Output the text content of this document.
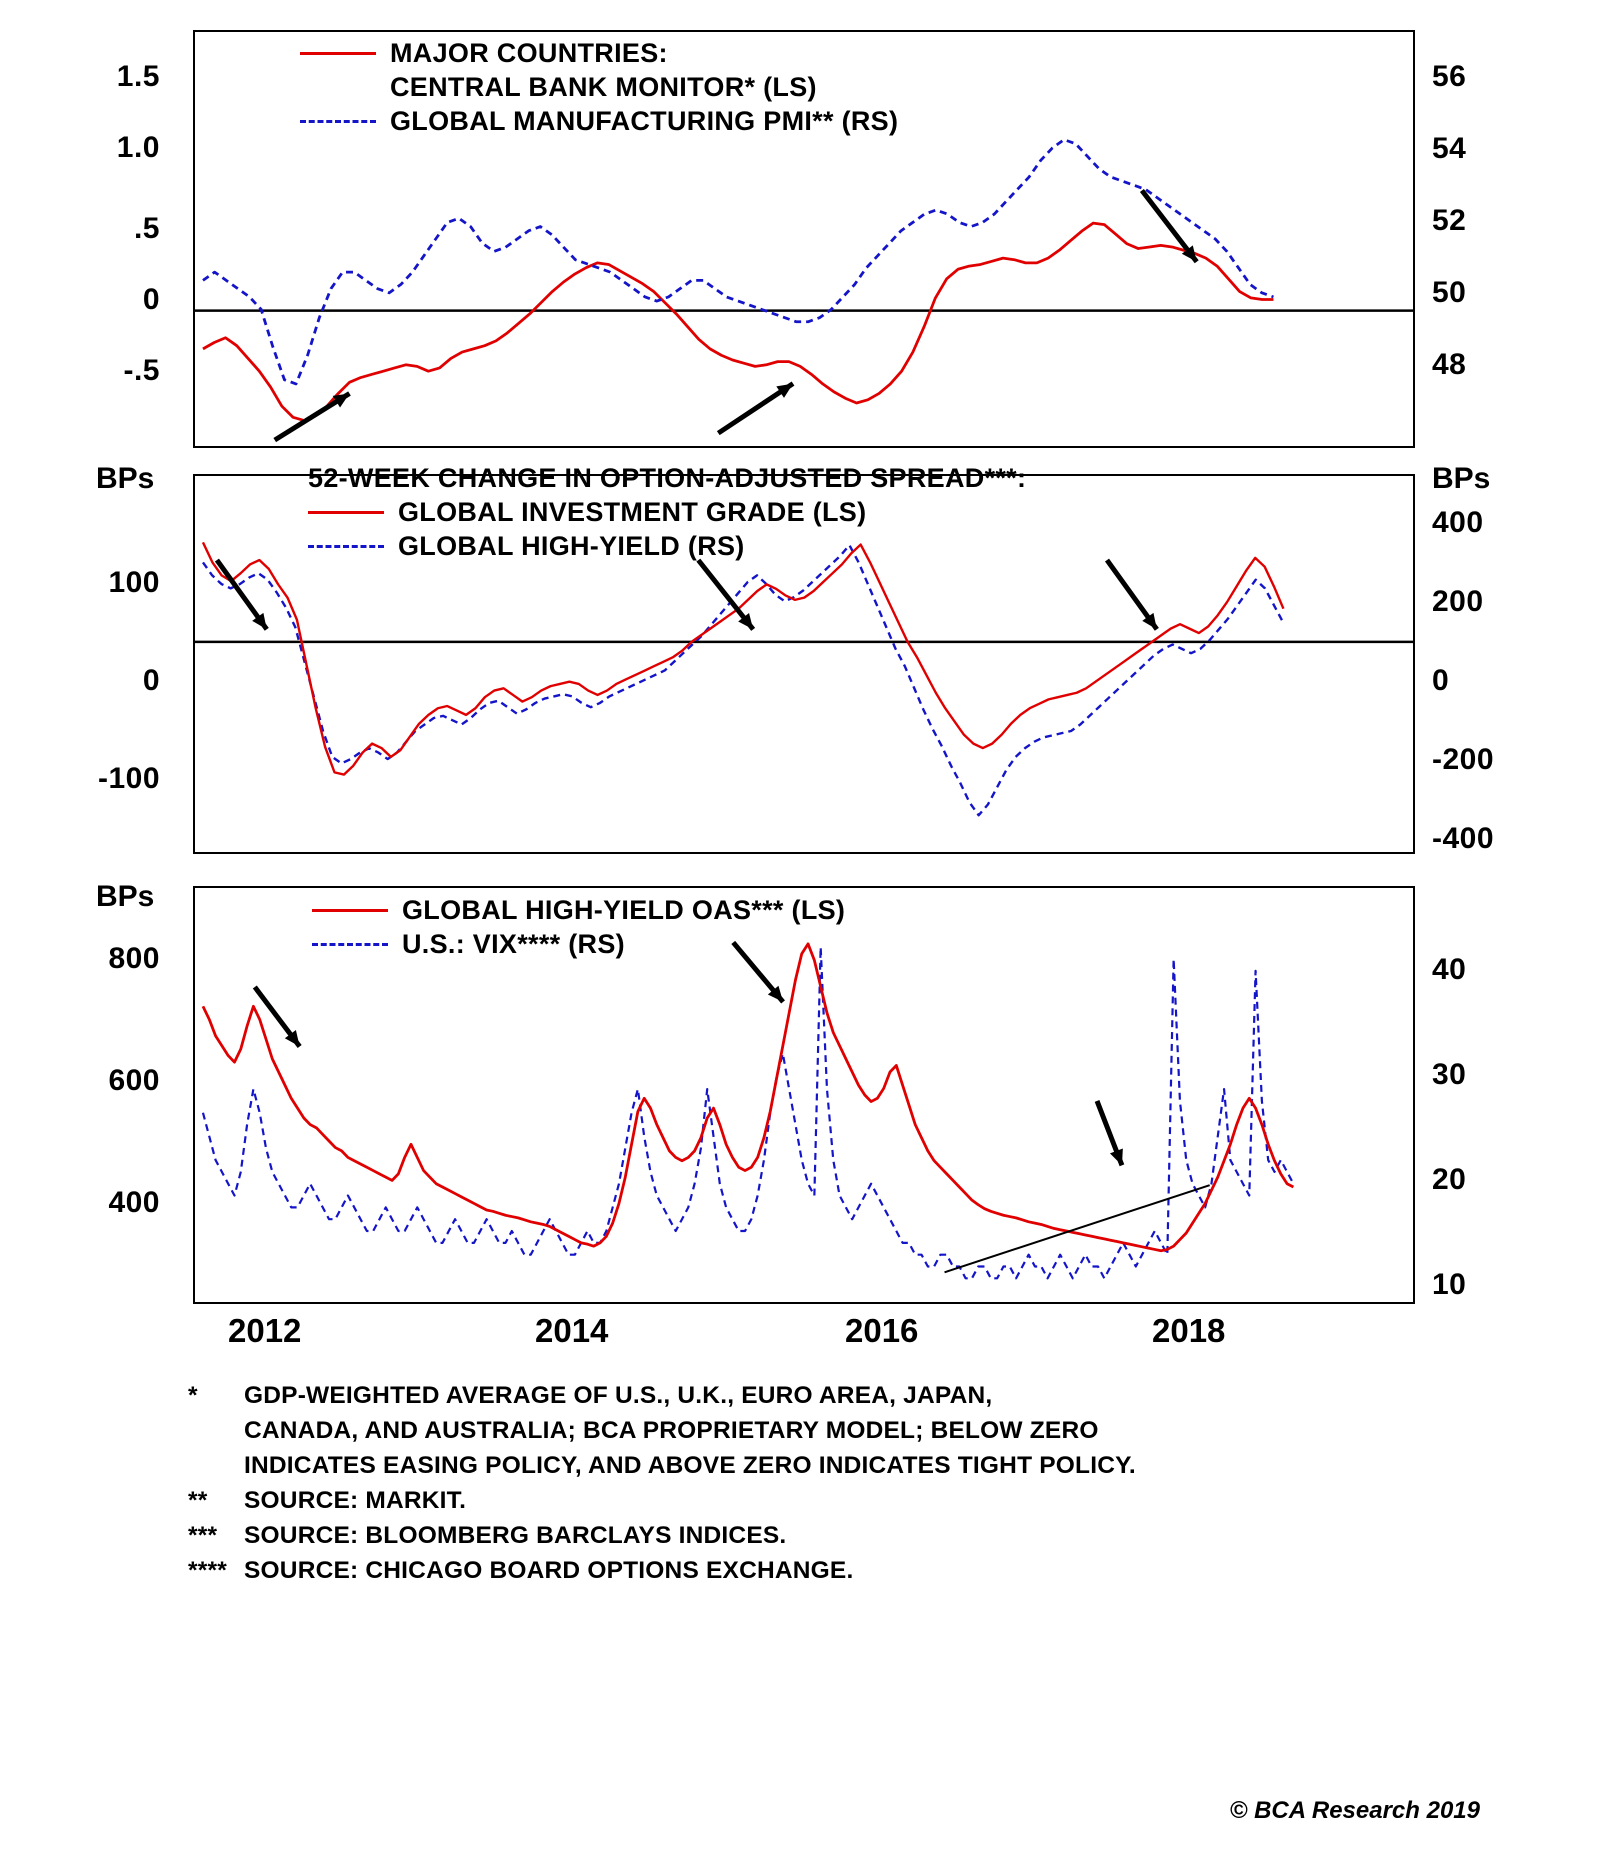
1.5
1.0
.5
0
-.5
56
54
52
50
48
MAJOR COUNTRIES:
CENTRAL BANK MONITOR* (LS)
GLOBAL MANUFACTURING PMI** (RS)
BPs	BPs
100
0
-100
400
200
0
-200
-400
52-WEEK CHANGE IN OPTION-ADJUSTED SPREAD***:
GLOBAL INVESTMENT GRADE (LS)
GLOBAL HIGH-YIELD (RS)
BPs
800
600
400
40
30
20
10
GLOBAL HIGH-YIELD OAS*** (LS)
U.S.: VIX**** (RS)
2012	2014	2016	2018
*	GDP-WEIGHTED AVERAGE OF U.S., U.K., EURO AREA, JAPAN,
CANADA, AND AUSTRALIA; BCA PROPRIETARY MODEL; BELOW ZERO
INDICATES EASING POLICY, AND ABOVE ZERO INDICATES TIGHT POLICY.
**	SOURCE: MARKIT.
***	SOURCE: BLOOMBERG BARCLAYS INDICES.
**** SOURCE: CHICAGO BOARD OPTIONS EXCHANGE.
© BCA Research 2019
